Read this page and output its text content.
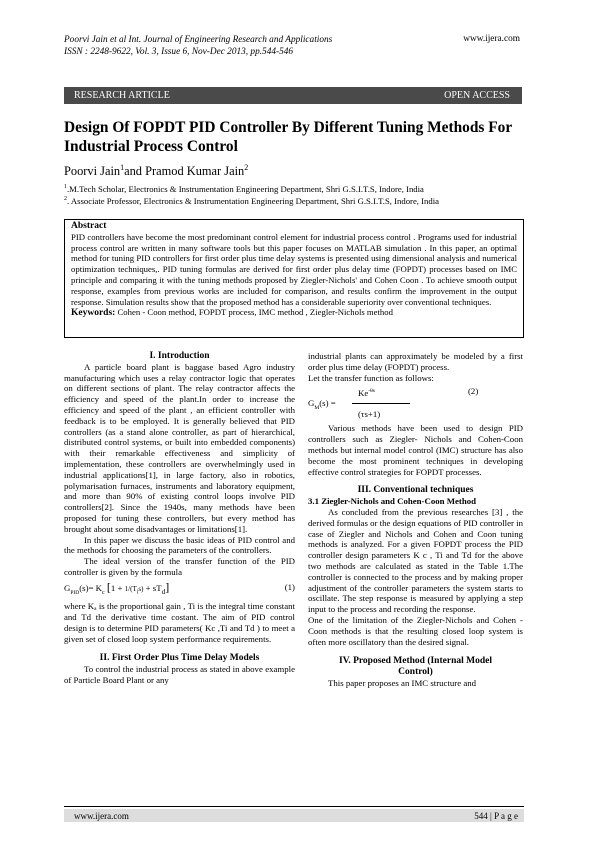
Poorvi Jain et al Int. Journal of Engineering Research and Applications
ISSN : 2248-9622, Vol. 3, Issue 6, Nov-Dec 2013, pp.544-546
www.ijera.com
RESEARCH ARTICLE	OPEN ACCESS
Design Of FOPDT PID Controller By Different Tuning Methods For Industrial Process Control
Poorvi Jain$^1$and Pramod Kumar Jain$^2$
$^1$.M.Tech Scholar, Electronics & Instrumentation Engineering Department, Shri G.S.I.T.S, Indore, India
$^2$. Associate Professor, Electronics & Instrumentation Engineering Department, Shri G.S.I.T.S, Indore, India
Abstract
PID controllers have become the most predominant control element for industrial process control . Programs used for industrial process control are written in many software tools but this paper focuses on MATLAB simulation . In this paper, an optimal method for tuning PID controllers for first order plus time delay systems is presented using dimensional analysis and numerical optimization techniques,. PID tuning formulas are derived for first order plus delay time (FOPDT) processes based on IMC principle and comparing it with the tuning methods proposed by Ziegler-Nichols' and Cohen Coon . To achieve smooth output response, examples from previous works are included for comparison, and results confirm the improvement in the output response. Simulation results show that the proposed method has a considerable superiority over conventional techniques.
Keywords: Cohen - Coon method, FOPDT process, IMC method , Ziegler-Nichols method
I. Introduction

A particle board plant is baggase based Agro industry manufacturing which uses a relay contractor logic that operates on different sections of plant. The relay contractor affects the efficiency and speed of the plant.In order to increase the efficiency and speed of the plant , an efficient controller with feedback is to be employed. It is generally believed that PID controllers (as a stand alone controller, as part of hierarchical, distributed control systems, or built into embedded components) with their remarkable effectiveness and simplicity of implementation, these controllers are overwhelmingly used in industrial applications[1], in large factory, also in robotics, polymarisation furnaces, instruments and laboratory equipment, and more than 90% of existing control loops involve PID controllers[2]. Since the 1940s, many methods have been proposed for tuning these controllers, but every method has brought about some disadvantages or limitations[1].

In this paper we discuss the basic ideas of PID control and the methods for choosing the parameters of the controllers.

The ideal version of the transfer function of the PID controller is given by the formula

$G_{PID}(s)= K_c$ $[1 + 1/(T_is) + sT_d]$	(1)

where Kₐ is the proportional gain , Ti is the integral time constant and Td the derivative time costant. The aim of PID control design is to determine PID parameters( Kc ,Ti and Td ) to meet a given set of closed loop system performance requirements.

II. First Order Plus Time Delay Models

To control the industrial process as stated in above example of Particle Board Plant or any

industrial plants can approximately be modeled by a first order plus time delay (FOPDT) process.

Let the transfer function as follows:

$Ke^{-\theta s}$	(2)
$G_M(s)$ =
(τs+1)

Various methods have been used to design PID controllers such as Ziegler- Nichols and Cohen-Coon methods but internal model control (IMC) structure has also become the most prominent techniques in developing effective control strategies for FOPDT processes.

III. Conventional techniques
3.1 Ziegler-Nichols and Cohen-Coon Method

As concluded from the previous researches [3] , the derived formulas or the design equations of PID controller in case of Ziegler and Nichols and Cohen and Coon tuning methods is analyzed. For a given FOPDT process the PID controller design parameters K c , Ti and Td for the above two methods are calculated as stated in the Table 1.The controller is connected to the process and by making proper adjustment of the controller parameters the system starts to oscillate. The step response is measured by applying a step input to the process and recording the response.

One of the limitation of the Ziegler-Nichols and Cohen - Coon methods is that the resulting closed loop system is often more oscillatory than the desired signal.

IV. Proposed Method (Internal Model
Control)

This paper proposes an IMC structure and

www.ijera.com	544 | P a g e
